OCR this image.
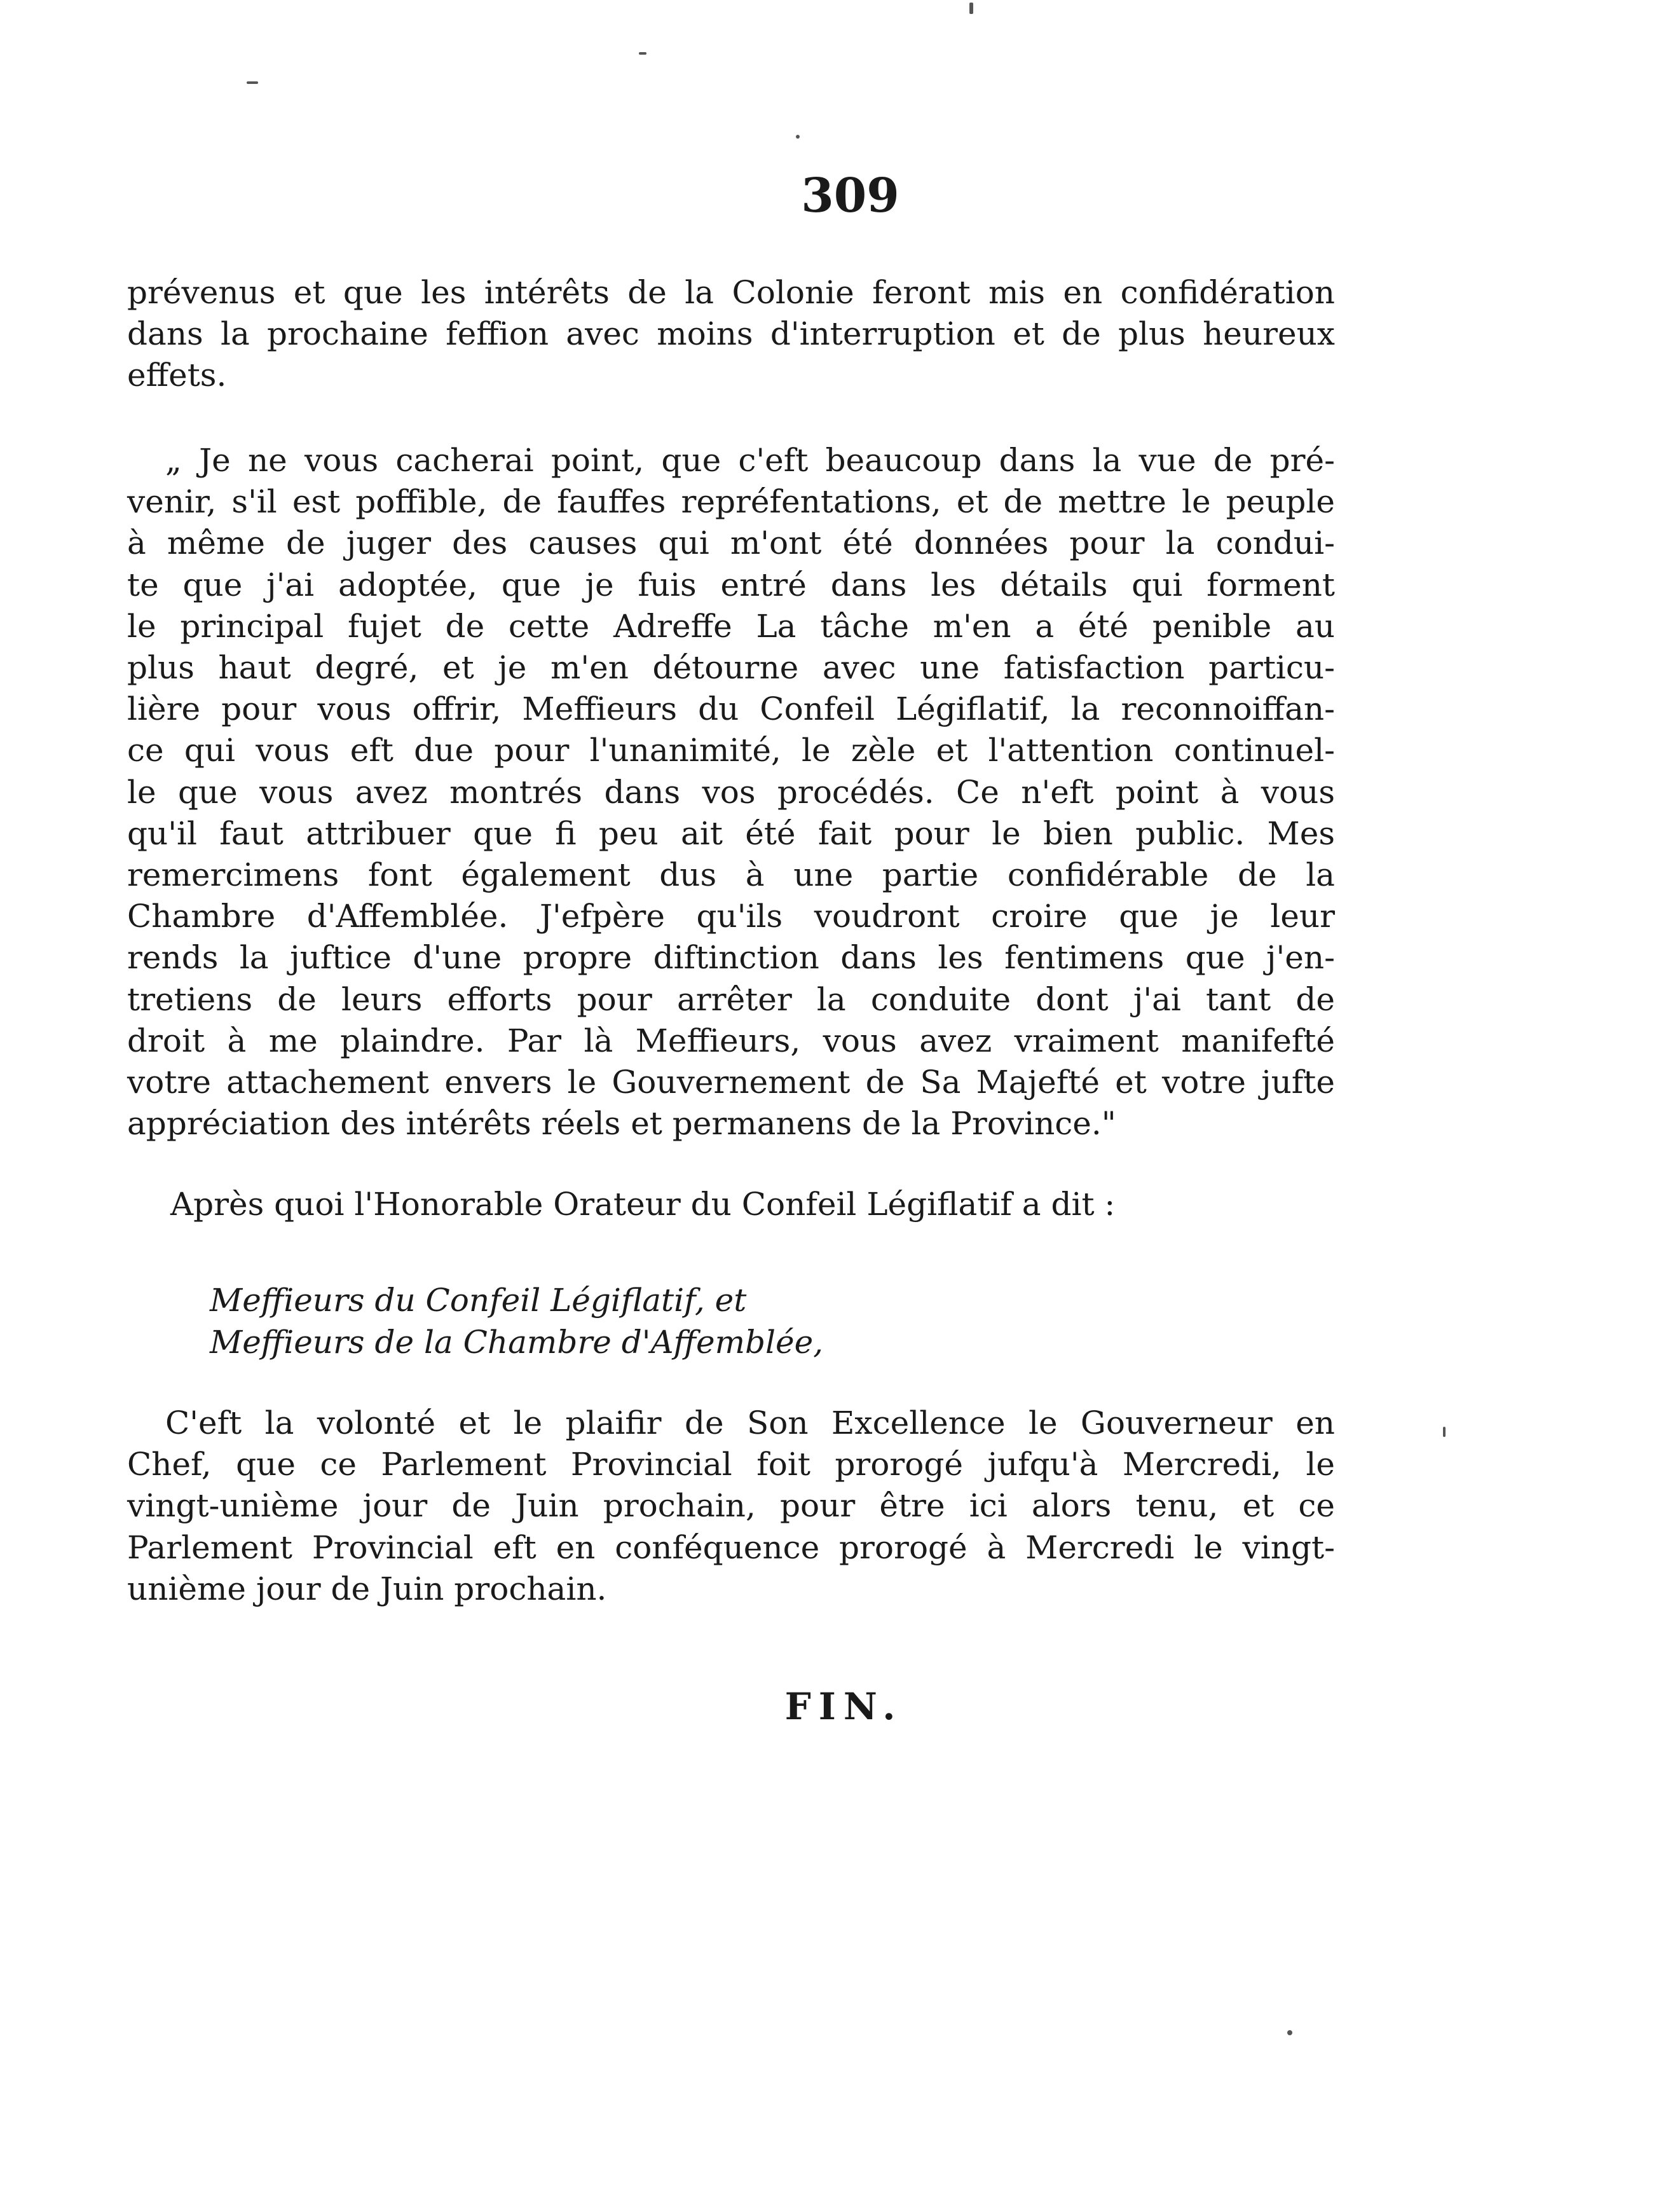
309
prévenus et que les intérêts de la Colonie feront mis en confidération
dans la prochaine feffion avec moins d'interruption et de plus heureux
effets.
„ Je ne vous cacherai point, que c'eft beaucoup dans la vue de pré-
venir, s'il est poffible, de fauffes repréfentations, et de mettre le peuple
à même de juger des causes qui m'ont été données pour la condui-
te que j'ai adoptée, que je fuis entré dans les détails qui forment
le principal fujet de cette Adreffe La tâche m'en a été penible au
plus haut degré, et je m'en détourne avec une fatisfaction particu-
lière pour vous offrir, Meffieurs du Confeil Légiflatif, la reconnoiffan-
ce qui vous eft due pour l'unanimité, le zèle et l'attention continuel-
le que vous avez montrés dans vos procédés. Ce n'eft point à vous
qu'il faut attribuer que fi peu ait été fait pour le bien public. Mes
remercimens font également dus à une partie confidérable de la
Chambre d'Affemblée. J'efpère qu'ils voudront croire que je leur
rends la juftice d'une propre diftinction dans les fentimens que j'en-
tretiens de leurs efforts pour arrêter la conduite dont j'ai tant de
droit à me plaindre. Par là Meffieurs, vous avez vraiment manifefté
votre attachement envers le Gouvernement de Sa Majefté et votre jufte
appréciation des intérêts réels et permanens de la Province."
Après quoi l'Honorable Orateur du Confeil Légiflatif a dit :
Meffieurs du Confeil Légiflatif, et
Meffieurs de la Chambre d'Affemblée,
C'eft la volonté et le plaifir de Son Excellence le Gouverneur en
Chef, que ce Parlement Provincial foit prorogé jufqu'à Mercredi, le
vingt-unième jour de Juin prochain, pour être ici alors tenu, et ce
Parlement Provincial eft en conféquence prorogé à Mercredi le vingt-
unième jour de Juin prochain.
FIN.
